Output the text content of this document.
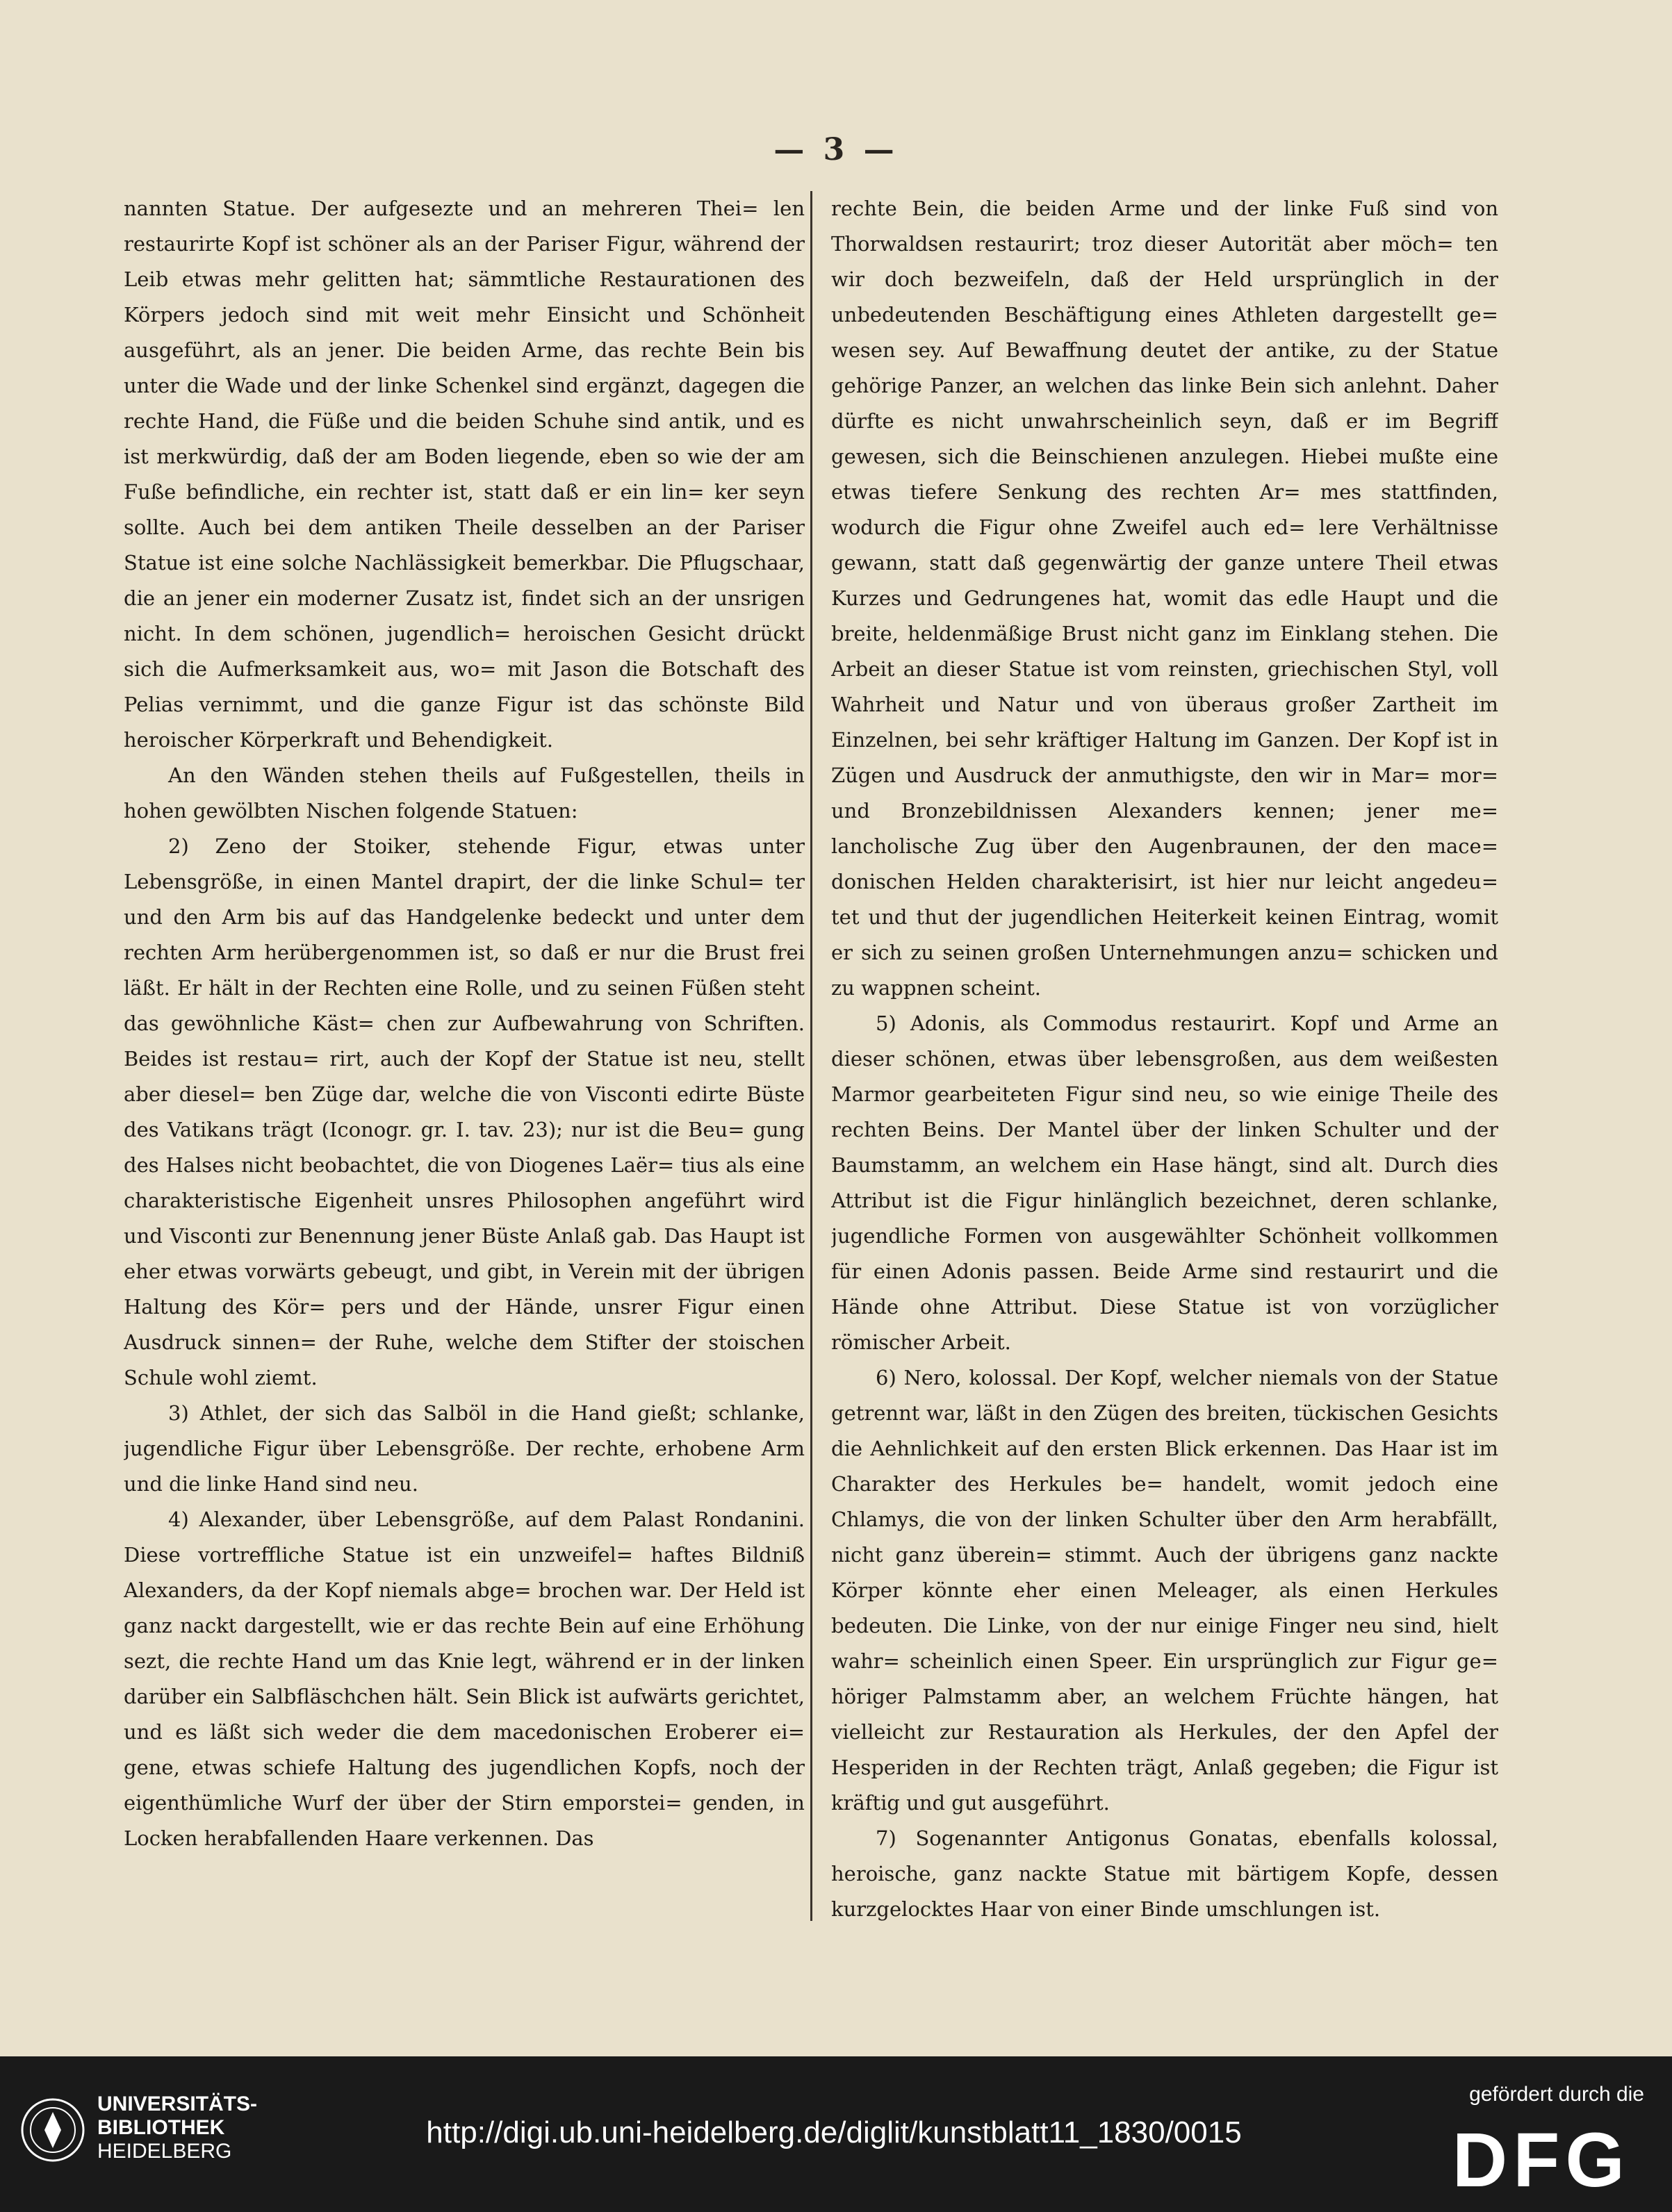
— 3 —

nannten Statue. Der aufgesezte und an mehreren Thei= len restaurirte Kopf ist schöner als an der Pariser Figur, während der Leib etwas mehr gelitten hat; sämmtliche Restaurationen des Körpers jedoch sind mit weit mehr Einsicht und Schönheit ausgeführt, als an jener. Die beiden Arme, das rechte Bein bis unter die Wade und der linke Schenkel sind ergänzt, dagegen die rechte Hand, die Füße und die beiden Schuhe sind antik, und es ist merkwürdig, daß der am Boden liegende, eben so wie der am Fuße befindliche, ein rechter ist, statt daß er ein lin= ker seyn sollte. Auch bei dem antiken Theile desselben an der Pariser Statue ist eine solche Nachlässigkeit bemerkbar. Die Pflugschaar, die an jener ein moderner Zusatz ist, findet sich an der unsrigen nicht. In dem schönen, jugendlich= heroischen Gesicht drückt sich die Aufmerksamkeit aus, wo= mit Jason die Botschaft des Pelias vernimmt, und die ganze Figur ist das schönste Bild heroischer Körperkraft und Behendigkeit.

An den Wänden stehen theils auf Fußgestellen, theils in hohen gewölbten Nischen folgende Statuen:

2) Zeno der Stoiker, stehende Figur, etwas unter Lebensgröße, in einen Mantel drapirt, der die linke Schul= ter und den Arm bis auf das Handgelenke bedeckt und unter dem rechten Arm herübergenommen ist, so daß er nur die Brust frei läßt. Er hält in der Rechten eine Rolle, und zu seinen Füßen steht das gewöhnliche Käst= chen zur Aufbewahrung von Schriften. Beides ist restau= rirt, auch der Kopf der Statue ist neu, stellt aber diesel= ben Züge dar, welche die von Visconti edirte Büste des Vatikans trägt (Iconogr. gr. I. tav. 23); nur ist die Beu= gung des Halses nicht beobachtet, die von Diogenes Laër= tius als eine charakteristische Eigenheit unsres Philosophen angeführt wird und Visconti zur Benennung jener Büste Anlaß gab. Das Haupt ist eher etwas vorwärts gebeugt, und gibt, in Verein mit der übrigen Haltung des Kör= pers und der Hände, unsrer Figur einen Ausdruck sinnen= der Ruhe, welche dem Stifter der stoischen Schule wohl ziemt.

3) Athlet, der sich das Salböl in die Hand gießt; schlanke, jugendliche Figur über Lebensgröße. Der rechte, erhobene Arm und die linke Hand sind neu.

4) Alexander, über Lebensgröße, auf dem Palast Rondanini. Diese vortreffliche Statue ist ein unzweifel= haftes Bildniß Alexanders, da der Kopf niemals abge= brochen war. Der Held ist ganz nackt dargestellt, wie er das rechte Bein auf eine Erhöhung sezt, die rechte Hand um das Knie legt, während er in der linken darüber ein Salbfläschchen hält. Sein Blick ist aufwärts gerichtet, und es läßt sich weder die dem macedonischen Eroberer ei= gene, etwas schiefe Haltung des jugendlichen Kopfs, noch der eigenthümliche Wurf der über der Stirn emporstei= genden, in Locken herabfallenden Haare verkennen. Das

rechte Bein, die beiden Arme und der linke Fuß sind von Thorwaldsen restaurirt; troz dieser Autorität aber möch= ten wir doch bezweifeln, daß der Held ursprünglich in der unbedeutenden Beschäftigung eines Athleten dargestellt ge= wesen sey. Auf Bewaffnung deutet der antike, zu der Statue gehörige Panzer, an welchen das linke Bein sich anlehnt. Daher dürfte es nicht unwahrscheinlich seyn, daß er im Begriff gewesen, sich die Beinschienen anzulegen. Hiebei mußte eine etwas tiefere Senkung des rechten Ar= mes stattfinden, wodurch die Figur ohne Zweifel auch ed= lere Verhältnisse gewann, statt daß gegenwärtig der ganze untere Theil etwas Kurzes und Gedrungenes hat, womit das edle Haupt und die breite, heldenmäßige Brust nicht ganz im Einklang stehen. Die Arbeit an dieser Statue ist vom reinsten, griechischen Styl, voll Wahrheit und Natur und von überaus großer Zartheit im Einzelnen, bei sehr kräftiger Haltung im Ganzen. Der Kopf ist in Zügen und Ausdruck der anmuthigste, den wir in Mar= mor= und Bronzebildnissen Alexanders kennen; jener me= lancholische Zug über den Augenbraunen, der den mace= donischen Helden charakterisirt, ist hier nur leicht angedeu= tet und thut der jugendlichen Heiterkeit keinen Eintrag, womit er sich zu seinen großen Unternehmungen anzu= schicken und zu wappnen scheint.

5) Adonis, als Commodus restaurirt. Kopf und Arme an dieser schönen, etwas über lebensgroßen, aus dem weißesten Marmor gearbeiteten Figur sind neu, so wie einige Theile des rechten Beins. Der Mantel über der linken Schulter und der Baumstamm, an welchem ein Hase hängt, sind alt. Durch dies Attribut ist die Figur hinlänglich bezeichnet, deren schlanke, jugendliche Formen von ausgewählter Schönheit vollkommen für einen Adonis passen. Beide Arme sind restaurirt und die Hände ohne Attribut. Diese Statue ist von vorzüglicher römischer Arbeit.

6) Nero, kolossal. Der Kopf, welcher niemals von der Statue getrennt war, läßt in den Zügen des breiten, tückischen Gesichts die Aehnlichkeit auf den ersten Blick erkennen. Das Haar ist im Charakter des Herkules be= handelt, womit jedoch eine Chlamys, die von der linken Schulter über den Arm herabfällt, nicht ganz überein= stimmt. Auch der übrigens ganz nackte Körper könnte eher einen Meleager, als einen Herkules bedeuten. Die Linke, von der nur einige Finger neu sind, hielt wahr= scheinlich einen Speer. Ein ursprünglich zur Figur ge= höriger Palmstamm aber, an welchem Früchte hängen, hat vielleicht zur Restauration als Herkules, der den Apfel der Hesperiden in der Rechten trägt, Anlaß gegeben; die Figur ist kräftig und gut ausgeführt.

7) Sogenannter Antigonus Gonatas, ebenfalls kolossal, heroische, ganz nackte Statue mit bärtigem Kopfe, dessen kurzgelocktes Haar von einer Binde umschlungen ist.

UNIVERSITÄTS-
BIBLIOTHEK
HEIDELBERG
http://digi.ub.uni-heidelberg.de/diglit/kunstblatt11_1830/0015
gefördert durch die
DFG
